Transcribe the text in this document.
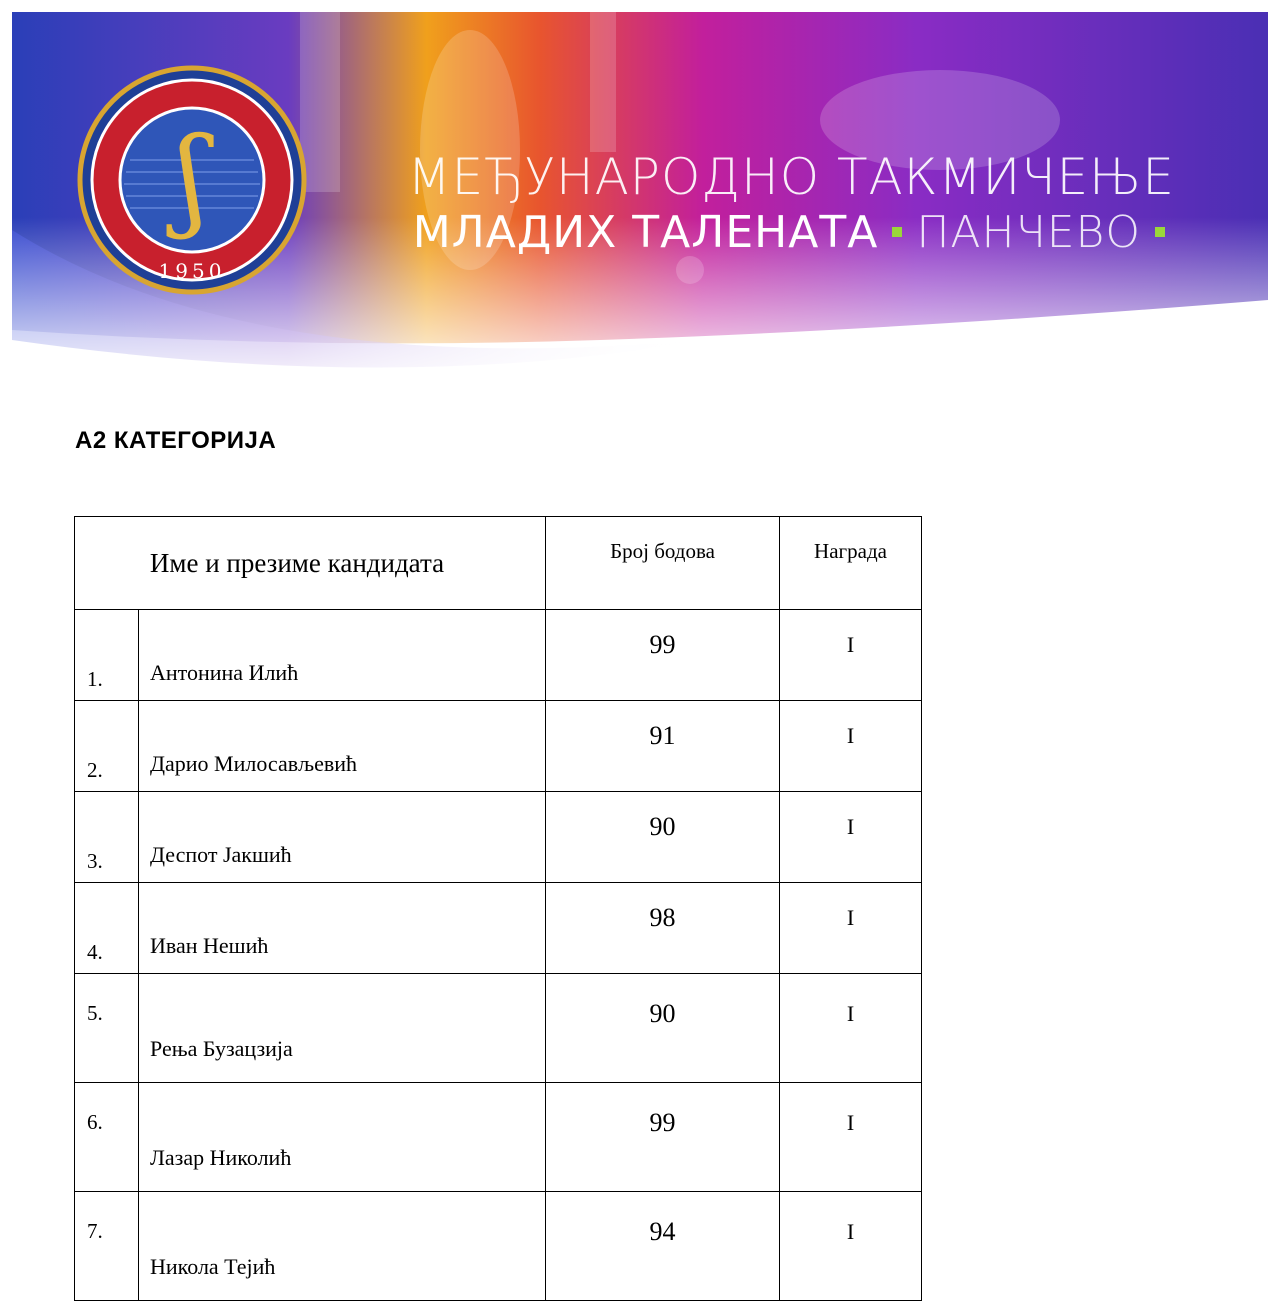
ʃ
1950
МЕЂУНАРОДНО ТАКМИЧЕЊЕ
МЛАДИХ ТАЛЕНАТА ПАНЧЕВО
А2 КАТЕГОРИЈА
Име и презиме кандидата		Број бодова	Награда
1.	Антонина Илић	99	I
2.	Дарио Милосављевић	91	I
3.	Деспот Јакшић	90	I
4.	Иван Нешић	98	I
5.	Рења Бузацзија	90	I
6.	Лазар Николић	99	I
7.	Никола Тејић	94	I
